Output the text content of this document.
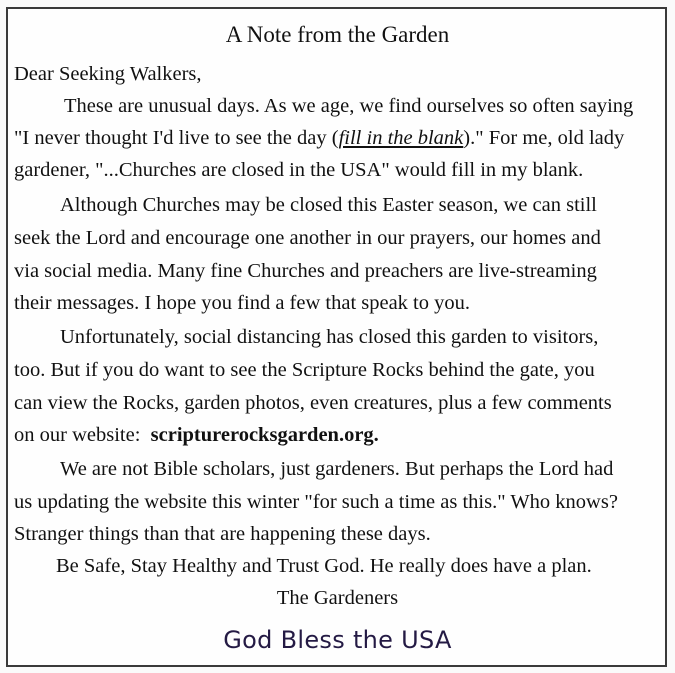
A Note from the Garden
Dear Seeking Walkers,
These are unusual days. As we age, we find ourselves so often saying
"I never thought I'd live to see the day (fill in the blank)." For me, old lady
gardener, "...Churches are closed in the USA" would fill in my blank.
Although Churches may be closed this Easter season, we can still
seek the Lord and encourage one another in our prayers, our homes and
via social media. Many fine Churches and preachers are live-streaming
their messages. I hope you find a few that speak to you.
Unfortunately, social distancing has closed this garden to visitors,
too. But if you do want to see the Scripture Rocks behind the gate, you
can view the Rocks, garden photos, even creatures, plus a few comments
on our website: scripturerocksgarden.org.
We are not Bible scholars, just gardeners. But perhaps the Lord had
us updating the website this winter "for such a time as this." Who knows?
Stranger things than that are happening these days.
Be Safe, Stay Healthy and Trust God. He really does have a plan.
The Gardeners
God Bless the USA
